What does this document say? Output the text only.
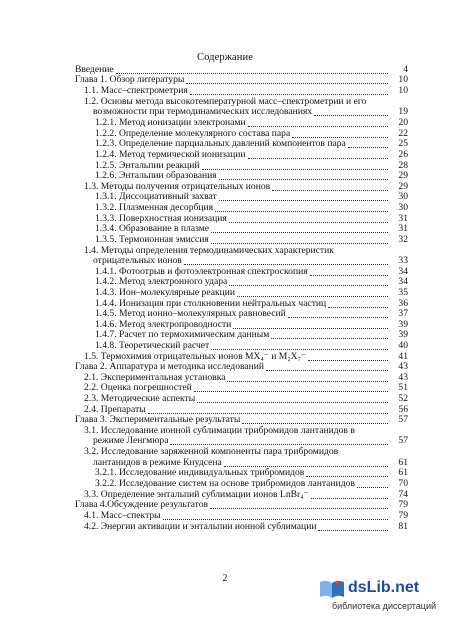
Содержание
Введение	4
Глава 1. Обзор литературы	10
1.1. Масс–спектрометрия	10
1.2. Основы метода высокотемпературной масс–спектрометрии и его
возможности при термодинамических исследованиях	19
1.2.1. Метод ионизации электронами	20
1.2.2. Определение молекулярного состава пара	22
1.2.3. Определение парциальных давлений компонентов пара	25
1.2.4. Метод термической ионизации	26
1.2.5. Энтальпии реакций	28
1.2.6. Энтальпии образования	29
1.3. Методы получения отрицательных ионов	29
1.3.1. Диссоциативный захват	30
1.3.2. Плазменная десорбция	30
1.3.3. Поверхностная ионизация	31
1.3.4. Образование в плазме	31
1.3.5. Термоионная эмиссия	32
1.4. Методы определения термодинамических характеристик
отрицательных ионов	33
1.4.1. Фотоотрыв и фотоэлектронная спектроскопия	34
1.4.2. Метод электронного удара	34
1.4.3. Ион–молекулярные реакции	35
1.4.4. Ионизация при столкновении нейтральных частиц	36
1.4.5. Метод ионно–молекулярных равновесий	37
1.4.6. Метод электропроводности	39
1.4.7. Расчет по термохимическим данным	39
1.4.8. Теоретический расчет	40
1.5. Термохимия отрицательных ионов MX₄⁻ и M₂X₇⁻	41
Глава 2. Аппаратура и методика исследований	43
2.1. Экспериментальная установка	43
2.2. Оценка погрешностей	51
2.3. Методические аспекты	52
2.4. Препараты	56
Глава 3. Экспериментальные результаты	57
3.1. Исследование ионной сублимации трибромидов лантанидов в
режиме Ленгмюра	57
3.2. Исследование заряженной компоненты пара трибромидов
лантанидов в режиме Кнудсена	61
3.2.1. Исследование индивидуальных трибромидов	61
3.2.2. Исследование систем на основе трибромидов лантанидов	70
3.3. Определение энтальпий сублимации ионов LnBr₄⁻	74
Глава 4.Обсуждение результатов	79
4.1. Масс–спектры	79
4.2. Энергии активации и энтальпии ионной сублимации	81
2
dsLib.net
библиотека диссертаций
